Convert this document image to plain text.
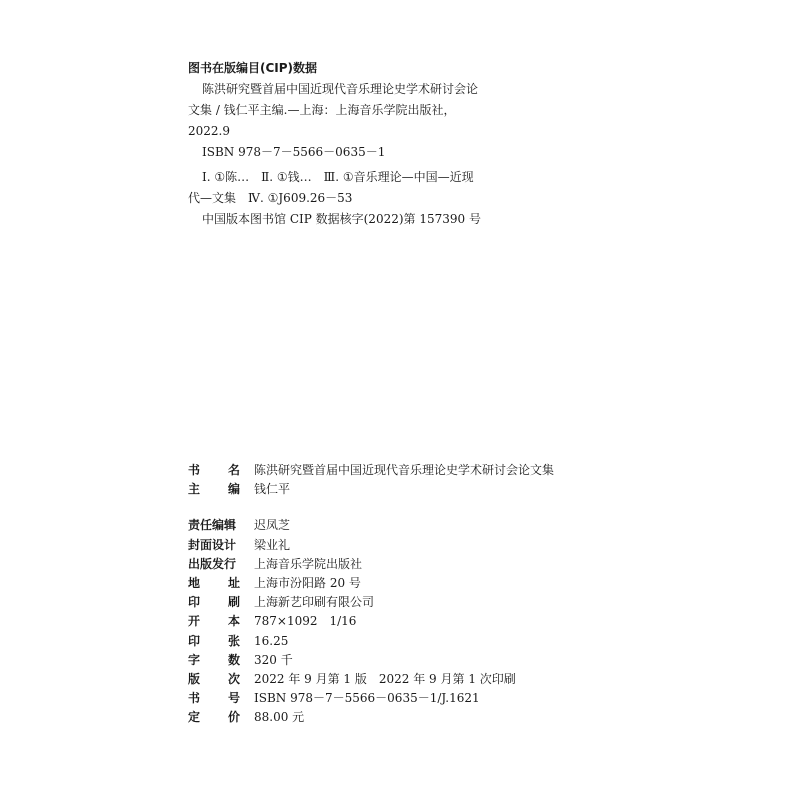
图书在版编目(CIP)数据

陈洪研究暨首届中国近现代音乐理论史学术研讨会论

文集 / 钱仁平主编.—上海：上海音乐学院出版社，

2022.9

ISBN 978－7－5566－0635－1

Ⅰ. ①陈…　Ⅱ. ①钱…　Ⅲ. ①音乐理论—中国—近现

代—文集　Ⅳ. ①J609.26－53

中国版本图书馆 CIP 数据核字(2022)第 157390 号

书 名 陈洪研究暨首届中国近现代音乐理论史学术研讨会论文集
主 编 钱仁平
责任编辑 迟凤芝
封面设计 梁业礼
出版发行 上海音乐学院出版社
地 址 上海市汾阳路 20 号
印 刷 上海新艺印刷有限公司
开 本 787×1092　1/16
印 张 16.25
字 数 320 千
版 次 2022 年 9 月第 1 版　2022 年 9 月第 1 次印刷
书 号 ISBN 978－7－5566－0635－1/J.1621
定 价 88.00 元
